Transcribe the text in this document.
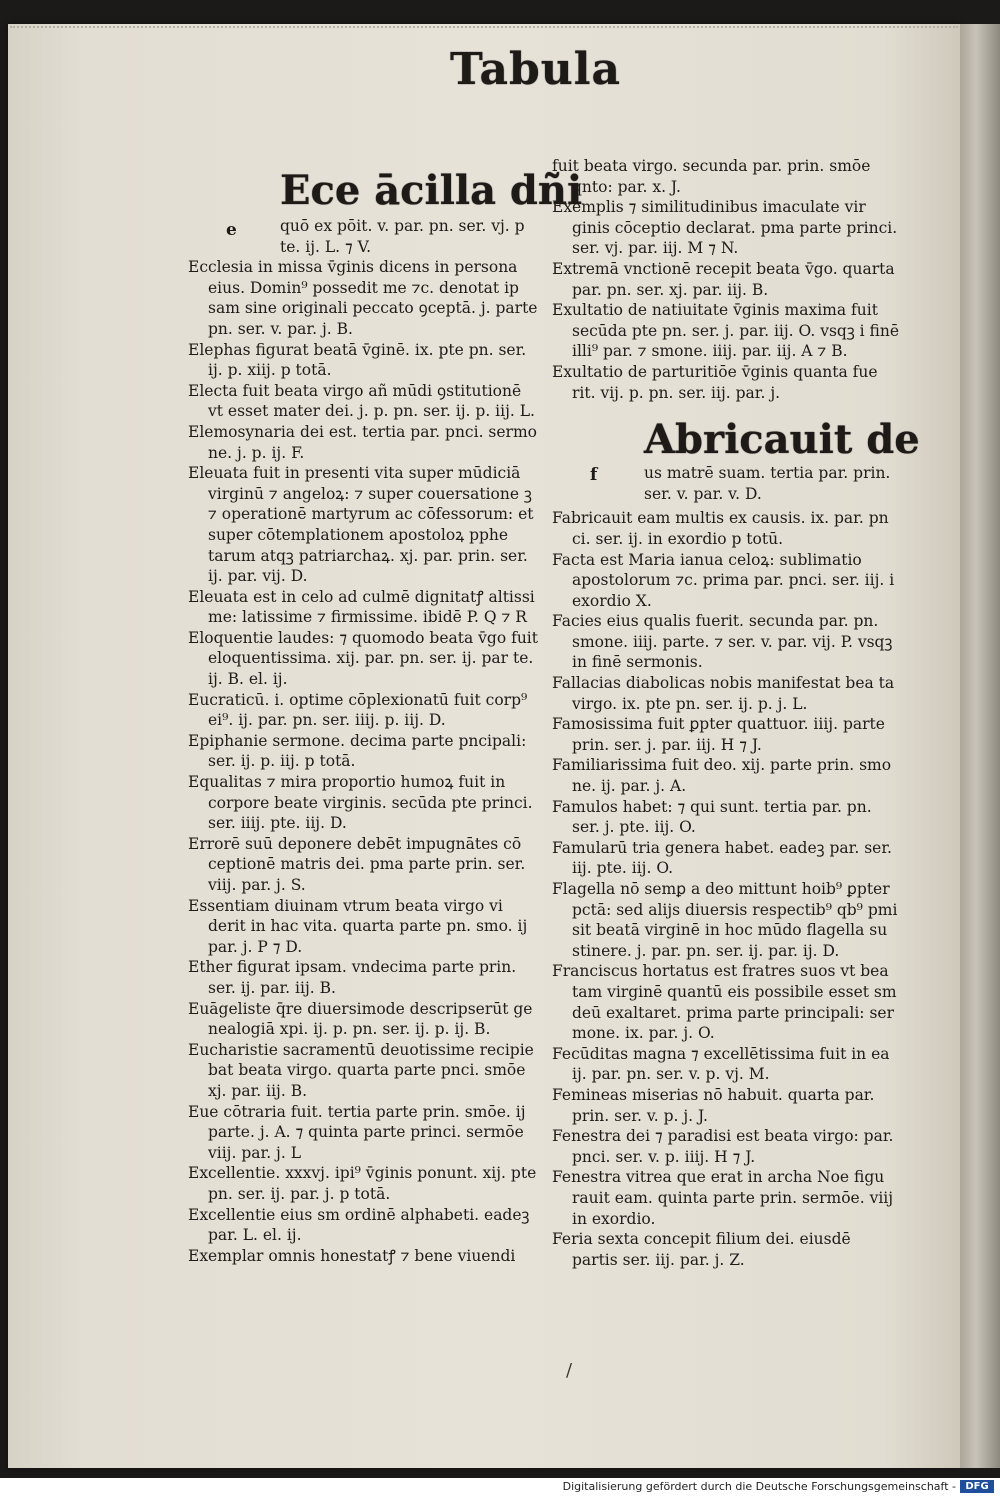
Tabula
Ece ācilla dñi
e	quō ex pōit. v. par. pn. ser. vj. p te. ij. L. ⁊ V.

Ecclesia in missa v̄ginis dicens in persona eius. Domin⁹ possedit me ⁊c. denotat ip sam sine originali peccato ꝯceptā. j. parte pn. ser. v. par. j. B.

Elephas figurat beatā v̄ginē. ix. pte pn. ser. ij. p. xiij. p totā.

Electa fuit beata virgo añ mūdi ꝯstitutionē vt esset mater dei. j. p. pn. ser. ij. p. iij. L.

Elemosynaria dei est. tertia par. pnci. sermo ne. j. p. ij. F.

Eleuata fuit in presenti vita super mūdiciā virginū ⁊ angeloꝝ: ⁊ super couersatione ꝫ ⁊ operationē martyrum ac cōfessorum: et super cōtemplationem apostoloꝝ pphe tarum atqꝫ patriarchaꝝ. xj. par. prin. ser. ij. par. vij. D.

Eleuata est in celo ad culmē dignitatꝭ altissi me: latissime ⁊ firmissime. ibidē P. Q ⁊ R

Eloquentie laudes: ⁊ quomodo beata v̄go fuit eloquentissima. xij. par. pn. ser. ij. par te. ij. B. el. ij.

Eucraticū. i. optime cōplexionatū fuit corp⁹ ei⁹. ij. par. pn. ser. iiij. p. iij. D.

Epiphanie sermone. decima parte pncipali: ser. ij. p. iij. p totā.

Equalitas ⁊ mira proportio humoꝝ fuit in corpore beate virginis. secūda pte princi. ser. iiij. pte. iij. D.

Errorē suū deponere debēt impugnātes cō ceptionē matris dei. pma parte prin. ser. viij. par. j. S.

Essentiam diuinam vtrum beata virgo vi derit in hac vita. quarta parte pn. smo. ij par. j. P ⁊ D.

Ether figurat ipsam. vndecima parte prin. ser. ij. par. iij. B.

Euāgeliste q̄re diuersimode descripserūt ge nealogiā xpi. ij. p. pn. ser. ij. p. ij. B.

Eucharistie sacramentū deuotissime recipie bat beata virgo. quarta parte pnci. smōe xj. par. iij. B.

Eue cōtraria fuit. tertia parte prin. smōe. ij parte. j. A. ⁊ quinta parte princi. sermōe viij. par. j. L

Excellentie. xxxvj. ipi⁹ v̄ginis ponunt. xij. pte pn. ser. ij. par. j. p totā.

Excellentie eius sm ordinē alphabeti. eadeꝫ par. L. el. ij.

Exemplar omnis honestatꝭ ⁊ bene viuendi

fuit beata virgo. secunda par. prin. smōe qnto: par. x. J.

Exemplis ⁊ similitudinibus imaculate vir ginis cōceptio declarat. pma parte princi. ser. vj. par. iij. M ⁊ N.

Extremā vnctionē recepit beata v̄go. quarta par. pn. ser. xj. par. iij. B.

Exultatio de natiuitate v̄ginis maxima fuit secūda pte pn. ser. j. par. iij. O. vsqꝫ i finē illi⁹ par. ⁊ smone. iiij. par. iij. A ⁊ B.

Exultatio de parturitiōe v̄ginis quanta fue rit. vij. p. pn. ser. iij. par. j.

Abricauit de
f	us matrē suam. tertia par. prin. ser. v. par. v. D.

Fabricauit eam multis ex causis. ix. par. pn ci. ser. ij. in exordio p totū.

Facta est Maria ianua celoꝝ: sublimatio apostolorum ⁊c. prima par. pnci. ser. iij. i exordio X.

Facies eius qualis fuerit. secunda par. pn. smone. iiij. parte. ⁊ ser. v. par. vij. P. vsqꝫ in finē sermonis.

Fallacias diabolicas nobis manifestat bea ta virgo. ix. pte pn. ser. ij. p. j. L.

Famosissima fuit ꝑpter quattuor. iiij. parte prin. ser. j. par. iij. H ⁊ J.

Familiarissima fuit deo. xij. parte prin. smo ne. ij. par. j. A.

Famulos habet: ⁊ qui sunt. tertia par. pn. ser. j. pte. iij. O.

Famularū tria genera habet. eadeꝫ par. ser. iij. pte. iij. O.

Flagella nō semꝑ a deo mittunt hoib⁹ ꝑpter pctā: sed alijs diuersis respectib⁹ qb⁹ pmi sit beatā virginē in hoc mūdo flagella su stinere. j. par. pn. ser. ij. par. ij. D.

Franciscus hortatus est fratres suos vt bea tam virginē quantū eis possibile esset sm deū exaltaret. prima parte principali: ser mone. ix. par. j. O.

Fecūditas magna ⁊ excellētissima fuit in ea ij. par. pn. ser. v. p. vj. M.

Femineas miserias nō habuit. quarta par. prin. ser. v. p. j. J.

Fenestra dei ⁊ paradisi est beata virgo: par. pnci. ser. v. p. iiij. H ⁊ J.

Fenestra vitrea que erat in archa Noe figu rauit eam. quinta parte prin. sermōe. viij in exordio.

Feria sexta concepit filium dei. eiusdē partis ser. iij. par. j. Z.

/
Digitalisierung gefördert durch die Deutsche Forschungsgemeinschaft - DFG
